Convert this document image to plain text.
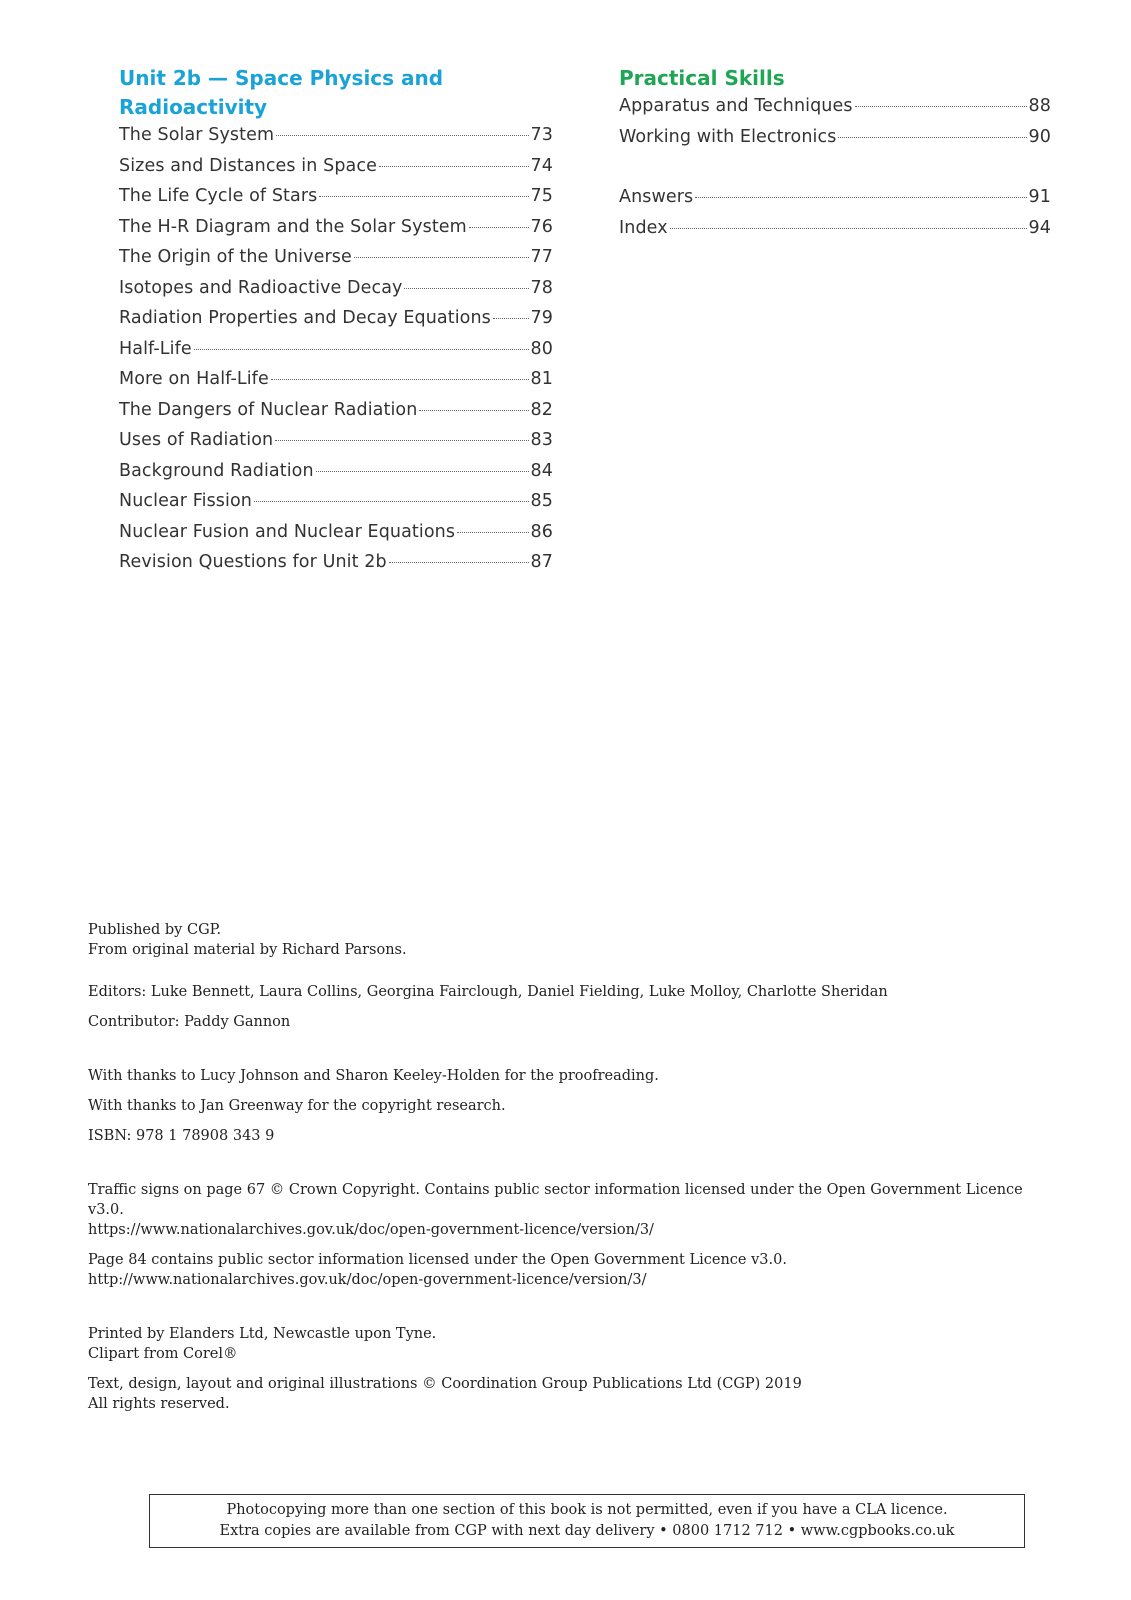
Unit 2b — Space Physics and Radioactivity
The Solar System	73
Sizes and Distances in Space	74
The Life Cycle of Stars	75
The H-R Diagram and the Solar System	76
The Origin of the Universe	77
Isotopes and Radioactive Decay	78
Radiation Properties and Decay Equations 79
Half-Life	80
More on Half-Life	81
The Dangers of Nuclear Radiation	82
Uses of Radiation	83
Background Radiation	84
Nuclear Fission	85
Nuclear Fusion and Nuclear Equations	86
Revision Questions for Unit 2b	87
Practical Skills
Apparatus and Techniques	88
Working with Electronics	90
Answers	91
Index	94

Published by CGP.

From original material by Richard Parsons.

Editors: Luke Bennett, Laura Collins, Georgina Fairclough, Daniel Fielding, Luke Molloy, Charlotte Sheridan

Contributor: Paddy Gannon

With thanks to Lucy Johnson and Sharon Keeley-Holden for the proofreading.

With thanks to Jan Greenway for the copyright research.

ISBN: 978 1 78908 343 9

Traffic signs on page 67 © Crown Copyright. Contains public sector information licensed under the Open Government Licence v3.0.

https://www.nationalarchives.gov.uk/doc/open-government-licence/version/3/

Page 84 contains public sector information licensed under the Open Government Licence v3.0.

http://www.nationalarchives.gov.uk/doc/open-government-licence/version/3/

Printed by Elanders Ltd, Newcastle upon Tyne.

Clipart from Corel®

Text, design, layout and original illustrations © Coordination Group Publications Ltd (CGP) 2019

All rights reserved.

Photocopying more than one section of this book is not permitted, even if you have a CLA licence.
Extra copies are available from CGP with next day delivery • 0800 1712 712 • www.cgpbooks.co.uk
